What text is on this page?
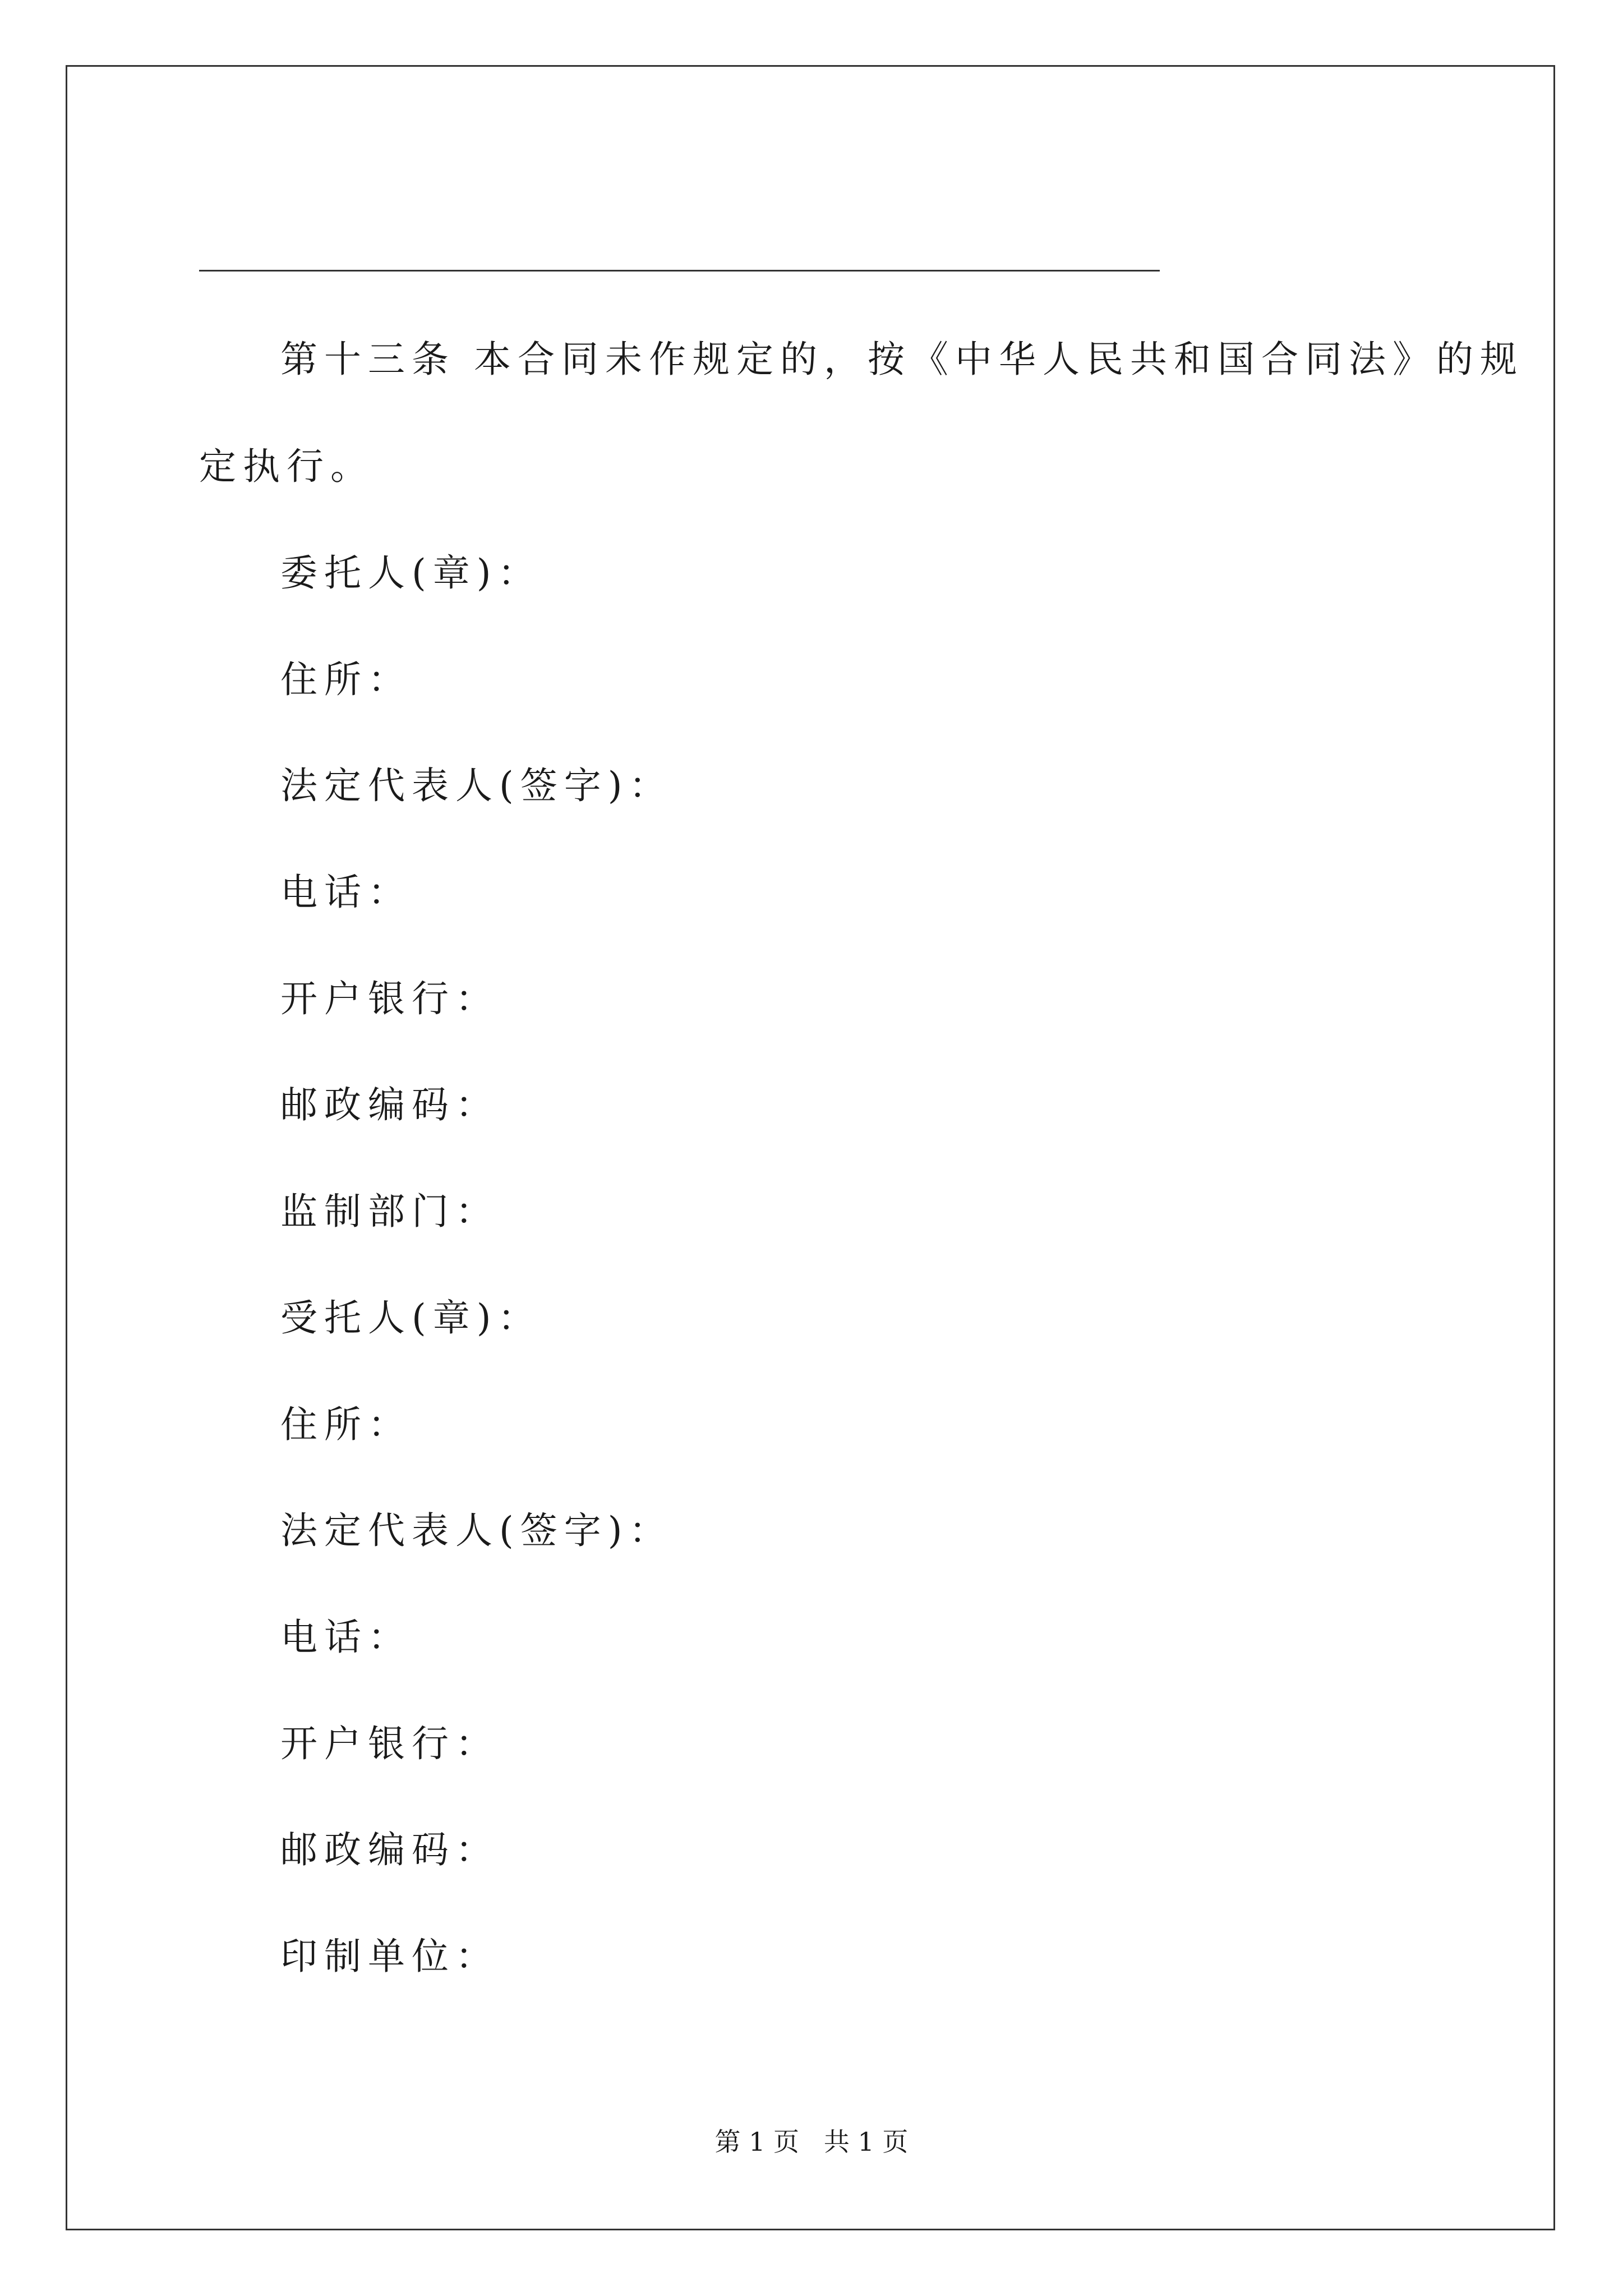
第十三条 本合同未作规定的，按《中华人民共和国合同法》的规
定执行。
委托人(章)：
住所：
法定代表人(签字)：
电话：
开户银行：
邮政编码：
监制部门：
受托人(章)：
住所：
法定代表人(签字)：
电话：
开户银行：
邮政编码：
印制单位：
第 1 页   共 1 页
